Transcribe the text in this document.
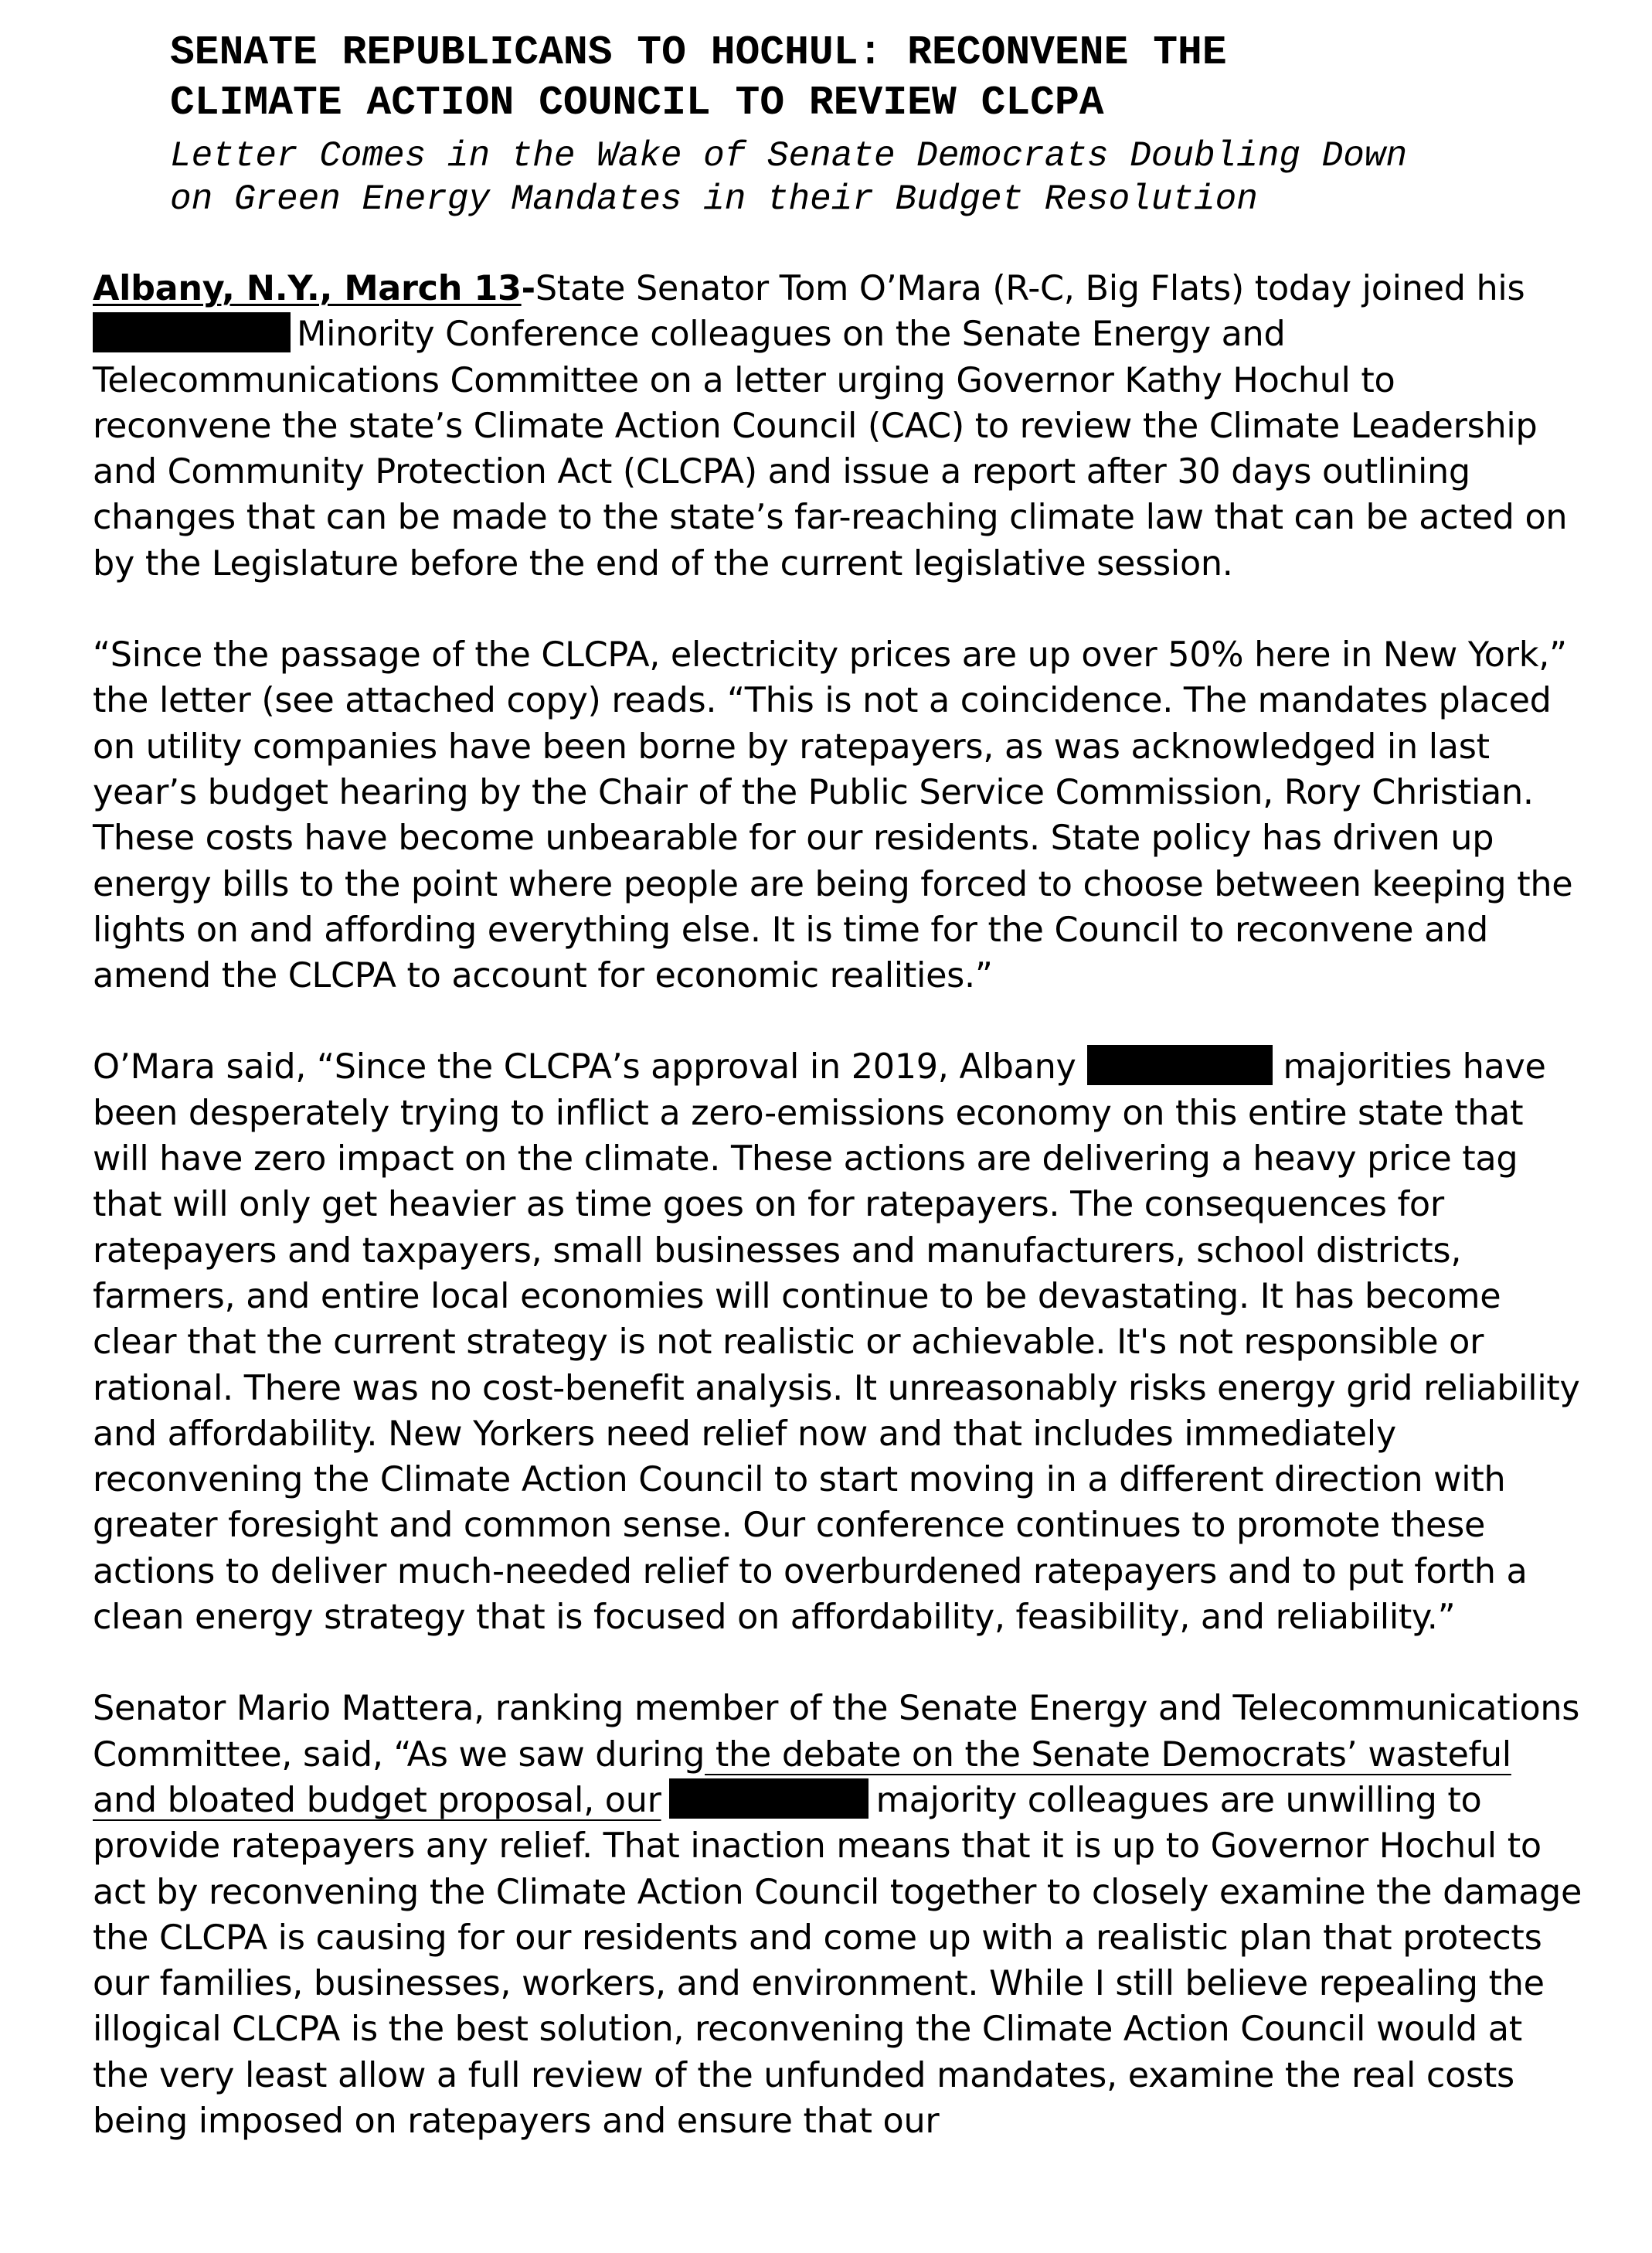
SENATE REPUBLICANS TO HOCHUL: RECONVENE THE
CLIMATE ACTION COUNCIL TO REVIEW CLCPA

Letter Comes in the Wake of Senate Democrats Doubling Down
on Green Energy Mandates in their Budget Resolution

Albany, N.Y., March 13-State Senator Tom O’Mara (R-C, Big Flats) today joined his
Minority Conference colleagues on the Senate Energy and Telecommunications Committee on a letter urging Governor Kathy Hochul to reconvene the state’s Climate Action Council (CAC) to review the Climate Leadership and Community Protection Act (CLCPA) and issue a report after 30 days outlining changes that can be made to the state’s far-reaching climate law that can be acted on by the Legislature before the end of the current legislative session.

“Since the passage of the CLCPA, electricity prices are up over 50% here in New York,” the letter (see attached copy) reads. “This is not a coincidence. The mandates placed on utility companies have been borne by ratepayers, as was acknowledged in last year’s budget hearing by the Chair of the Public Service Commission, Rory Christian. These costs have become unbearable for our residents. State policy has driven up energy bills to the point where people are being forced to choose between keeping the lights on and affording everything else. It is time for the Council to reconvene and amend the CLCPA to account for economic realities.”

O’Mara said, “Since the CLCPA’s approval in 2019, Albany	majorities have been desperately trying to inflict a zero-emissions economy on this entire state that will have zero impact on the climate. These actions are delivering a heavy price tag that will only get heavier as time goes on for ratepayers. The consequences for ratepayers and taxpayers, small businesses and manufacturers, school districts, farmers, and entire local economies will continue to be devastating. It has become clear that the current strategy is not realistic or achievable. It's not responsible or rational. There was no cost-benefit analysis. It unreasonably risks energy grid reliability and affordability. New Yorkers need relief now and that includes immediately reconvening the Climate Action Council to start moving in a different direction with greater foresight and common sense. Our conference continues to promote these actions to deliver much-needed relief to overburdened ratepayers and to put forth a clean energy strategy that is focused on affordability, feasibility, and reliability.”

Senator Mario Mattera, ranking member of the Senate Energy and Telecommunications Committee, said, “As we saw during the debate on the Senate Democrats’ wasteful and bloated budget proposal, our	majority colleagues are unwilling to provide ratepayers any relief. That inaction means that it is up to Governor Hochul to act by reconvening the Climate Action Council together to closely examine the damage the CLCPA is causing for our residents and come up with a realistic plan that protects our families, businesses, workers, and environment. While I still believe repealing the illogical CLCPA is the best solution, reconvening the Climate Action Council would at the very least allow a full review of the unfunded mandates, examine the real costs being imposed on ratepayers and ensure that our
